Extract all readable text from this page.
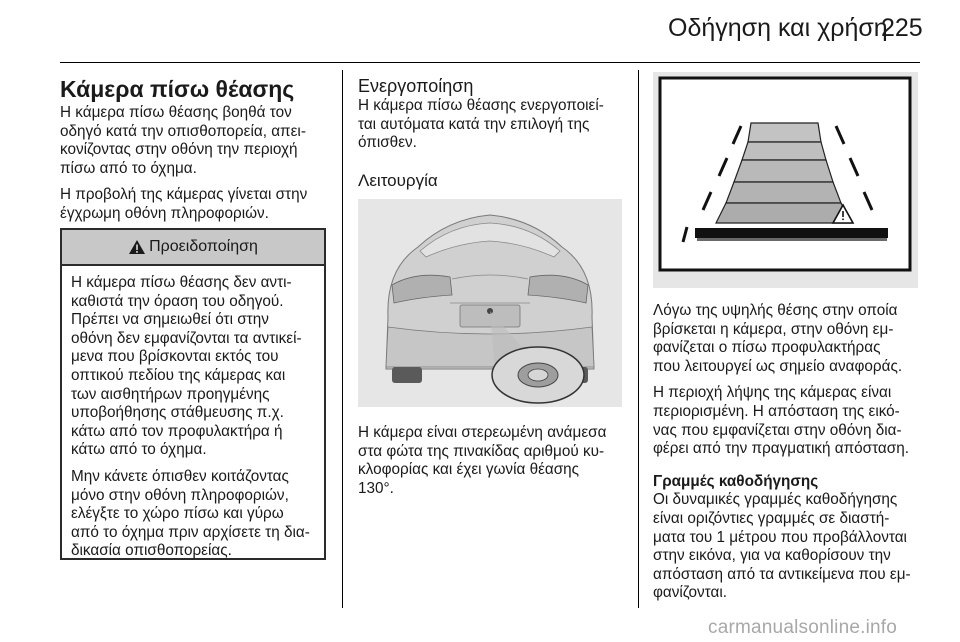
Οδήγηση και χρήση
225
Κάμερα πίσω θέασης

Η κάμερα πίσω θέασης βοηθά τον
οδηγό κατά την οπισθοπορεία, απει-
κονίζοντας στην οθόνη την περιοχή
πίσω από το όχημα.

Η προβολή της κάμερας γίνεται στην
έγχρωμη οθόνη πληροφοριών.

Προειδοποίηση

Η κάμερα πίσω θέασης δεν αντι-
καθιστά την όραση του οδηγού.
Πρέπει να σημειωθεί ότι στην
οθόνη δεν εμφανίζονται τα αντικεί-
μενα που βρίσκονται εκτός του
οπτικού πεδίου της κάμερας και
των αισθητήρων προηγμένης
υποβοήθησης στάθμευσης π.χ.
κάτω από τον προφυλακτήρα ή
κάτω από το όχημα.

Μην κάνετε όπισθεν κοιτάζοντας
μόνο στην οθόνη πληροφοριών,
ελέγξτε το χώρο πίσω και γύρω
από το όχημα πριν αρχίσετε τη δια-
δικασία οπισθοπορείας.

Ενεργοποίηση

Η κάμερα πίσω θέασης ενεργοποιεί-
ται αυτόματα κατά την επιλογή της
όπισθεν.

Λειτουργία

Η κάμερα είναι στερεωμένη ανάμεσα
στα φώτα της πινακίδας αριθμού κυ-
κλοφορίας και έχει γωνία θέασης
130°.

Λόγω της υψηλής θέσης στην οποία
βρίσκεται η κάμερα, στην οθόνη εμ-
φανίζεται ο πίσω προφυλακτήρας
που λειτουργεί ως σημείο αναφοράς.

Η περιοχή λήψης της κάμερας είναι
περιορισμένη. Η απόσταση της εικό-
νας που εμφανίζεται στην οθόνη δια-
φέρει από την πραγματική απόσταση.

Γραμμές καθοδήγησης

Οι δυναμικές γραμμές καθοδήγησης
είναι οριζόντιες γραμμές σε διαστή-
ματα του 1 μέτρου που προβάλλονται
στην εικόνα, για να καθορίσουν την
απόσταση από τα αντικείμενα που εμ-
φανίζονται.

carmanualsonline.info
